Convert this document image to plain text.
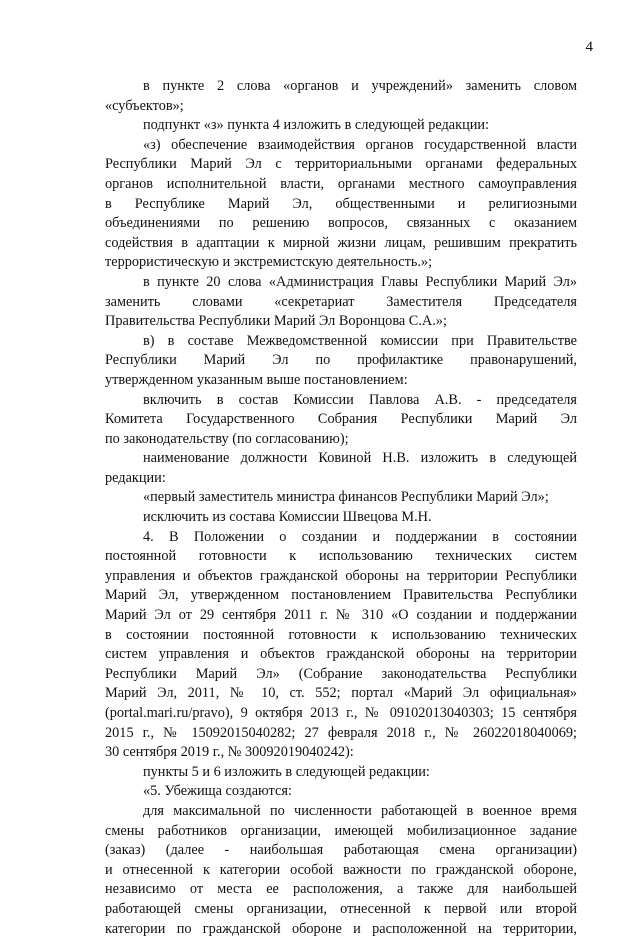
4
в пункте 2 слова «органов и учреждений» заменить словом
«субъектов»;
подпункт «з» пункта 4 изложить в следующей редакции:
«з) обеспечение взаимодействия органов государственной власти
Республики Марий Эл с территориальными органами федеральных
органов исполнительной власти, органами местного самоуправления
в Республике Марий Эл, общественными и религиозными
объединениями по решению вопросов, связанных с оказанием
содействия в адаптации к мирной жизни лицам, решившим прекратить
террористическую и экстремистскую деятельность.»;
в пункте 20 слова «Администрация Главы Республики Марий Эл»
заменить словами «секретариат Заместителя Председателя
Правительства Республики Марий Эл Воронцова С.А.»;
в) в составе Межведомственной комиссии при Правительстве
Республики Марий Эл по профилактике правонарушений,
утвержденном указанным выше постановлением:
включить в состав Комиссии Павлова А.В. - председателя
Комитета Государственного Собрания Республики Марий Эл
по законодательству (по согласованию);
наименование должности Ковиной Н.В. изложить в следующей
редакции:
«первый заместитель министра финансов Республики Марий Эл»;
исключить из состава Комиссии Швецова М.Н.
4. В Положении о создании и поддержании в состоянии
постоянной готовности к использованию технических систем
управления и объектов гражданской обороны на территории Республики
Марий Эл, утвержденном постановлением Правительства Республики
Марий Эл от 29 сентября 2011 г. № 310 «О создании и поддержании
в состоянии постоянной готовности к использованию технических
систем управления и объектов гражданской обороны на территории
Республики Марий Эл» (Собрание законодательства Республики
Марий Эл, 2011, № 10, ст. 552; портал «Марий Эл официальная»
(portal.mari.ru/pravo), 9 октября 2013 г., № 09102013040303; 15 сентября
2015 г., № 15092015040282; 27 февраля 2018 г., № 26022018040069;
30 сентября 2019 г., № 30092019040242):
пункты 5 и 6 изложить в следующей редакции:
«5. Убежища создаются:
для максимальной по численности работающей в военное время
смены работников организации, имеющей мобилизационное задание
(заказ) (далее - наибольшая работающая смена организации)
и отнесенной к категории особой важности по гражданской обороне,
независимо от места ее расположения, а также для наибольшей
работающей смены организации, отнесенной к первой или второй
категории по гражданской обороне и расположенной на территории,
